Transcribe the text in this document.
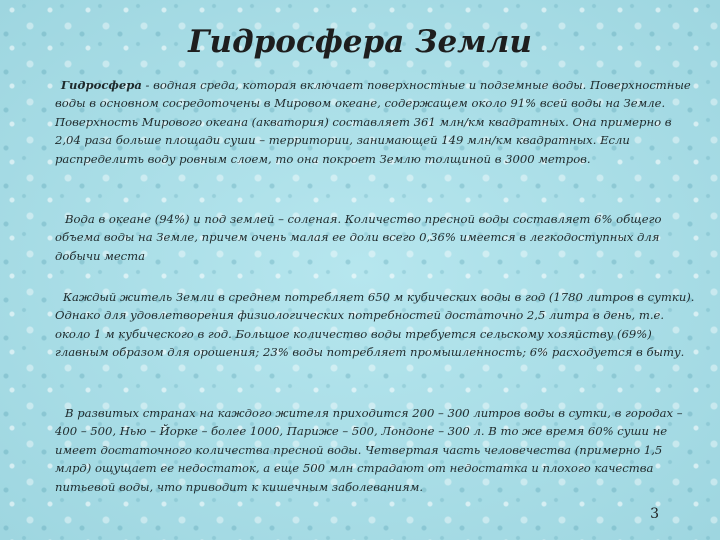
Гидросфера Земли

Гидросфера - водная среда, которая включает поверхностные и подземные воды. Поверхностные воды в основном сосредоточены в Мировом океане, содержащем около 91% всей воды на Земле. Поверхность Мирового океана (акватория) составляет 361 млн/км квадратных. Она примерно в 2,04 раза больше площади суши – территории, занимающей 149 млн/км квадратных. Если распределить воду ровным слоем, то она покроет Землю толщиной в 3000 метров.

Вода в океане (94%) и под землей – соленая. Количество пресной воды составляет 6% общего объема воды на Земле, причем очень малая ее доли всего 0,36% имеется в легкодоступных для добычи места

Каждый житель Земли в среднем потребляет 650 м кубических воды в год (1780 литров в сутки). Однако для удовлетворения физиологических потребностей достаточно 2,5 литра в день, т.е. около 1 м кубического в год. Большое количество воды требуется сельскому хозяйству (69%) главным образом для орошения; 23% воды потребляет промышленность; 6% расходуется в быту.

В развитых странах на каждого жителя приходится 200 – 300 литров воды в сутки, в городах – 400 – 500, Нью – Йорке – более 1000, Париже – 500, Лондоне – 300 л. В то же время 60% суши не имеет достаточного количества пресной воды. Четвертая часть человечества (примерно 1,5 млрд) ощущает ее недостаток, а еще 500 млн страдают от недостатка и плохого качества питьевой воды, что приводит к кишечным заболеваниям.

3
